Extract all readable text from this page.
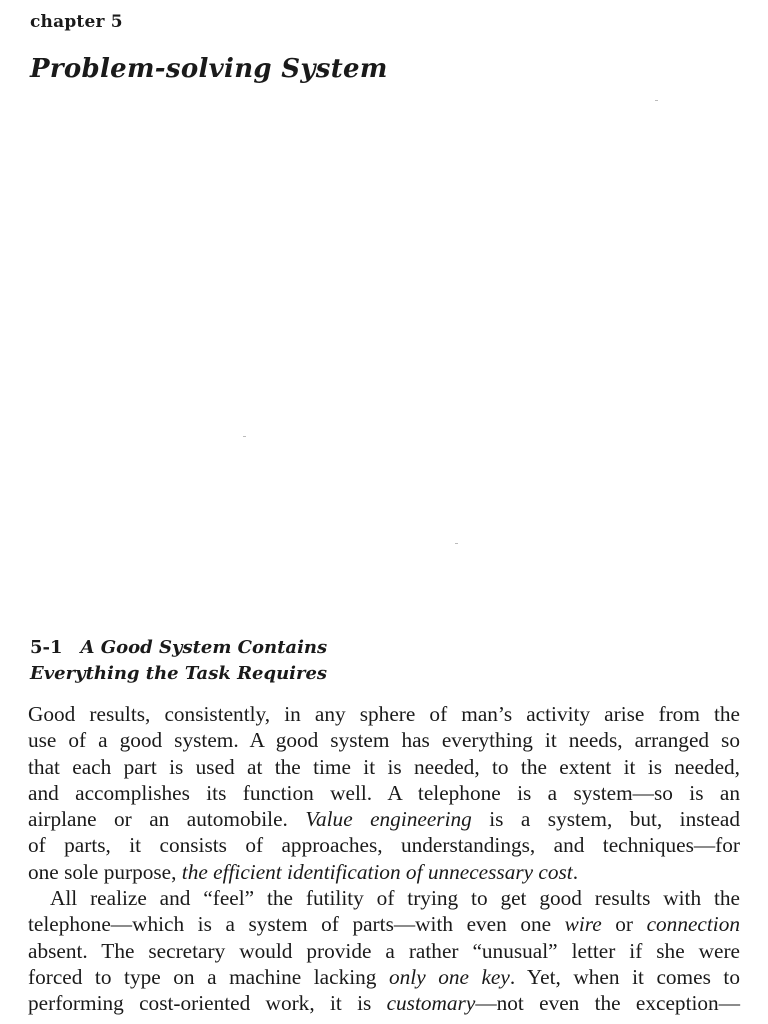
chapter 5
Problem-solving System
5-1 A Good System Contains
Everything the Task Requires
Good results, consistently, in any sphere of man’s activity arise from the
use of a good system. A good system has everything it needs, arranged so
that each part is used at the time it is needed, to the extent it is needed,
and accomplishes its function well. A telephone is a system—so is an
airplane or an automobile. Value engineering is a system, but, instead
of parts, it consists of approaches, understandings, and techniques—for
one sole purpose, the efficient identification of unnecessary cost.
All realize and “feel” the futility of trying to get good results with the
telephone—which is a system of parts—with even one wire or connection
absent. The secretary would provide a rather “unusual” letter if she were
forced to type on a machine lacking only one key. Yet, when it comes to
performing cost-oriented work, it is customary—not even the exception—
